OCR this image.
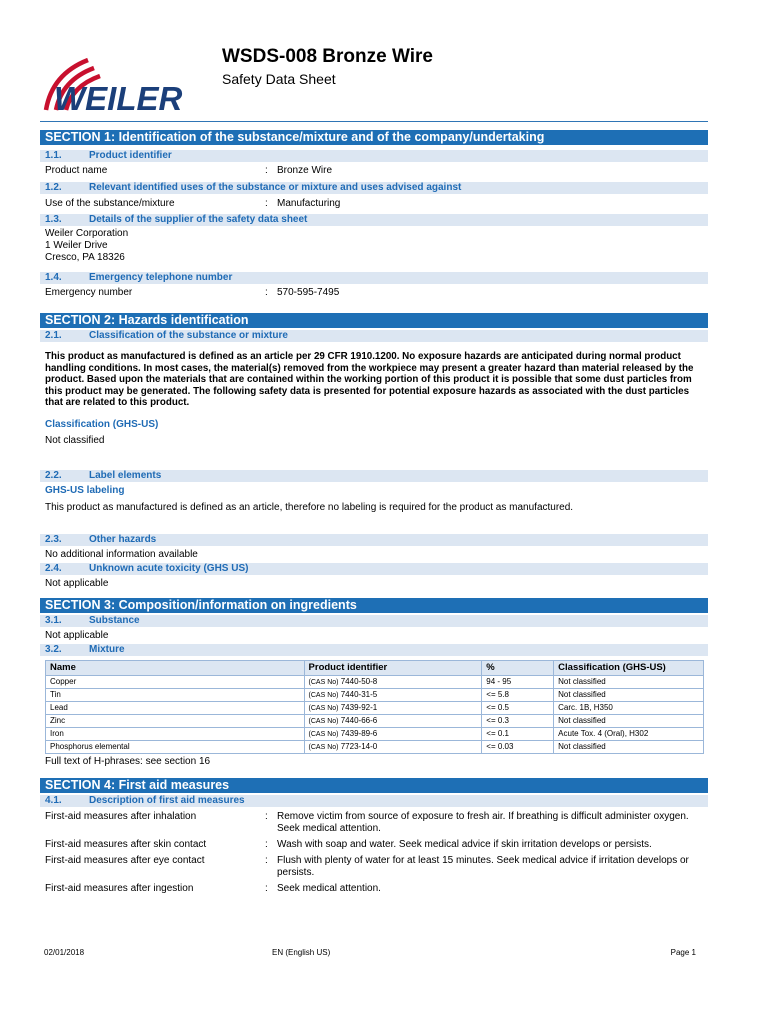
WEILER
WSDS-008 Bronze Wire
Safety Data Sheet
SECTION 1: Identification of the substance/mixture and of the company/undertaking
1.1.	Product identifier
Product name	: Bronze Wire
1.2.	Relevant identified uses of the substance or mixture and uses advised against
Use of the substance/mixture	: Manufacturing
1.3.	Details of the supplier of the safety data sheet
Weiler Corporation
1 Weiler Drive
Cresco, PA 18326
1.4.	Emergency telephone number
Emergency number	: 570-595-7495
SECTION 2: Hazards identification
2.1.	Classification of the substance or mixture
This product as manufactured is defined as an article per 29 CFR 1910.1200. No exposure hazards are anticipated during normal product
handling conditions. In most cases, the material(s) removed from the workpiece may present a greater hazard than material released by the
product. Based upon the materials that are contained within the working portion of this product it is possible that some dust particles from
this product may be generated. The following safety data is presented for potential exposure hazards as associated with the dust particles
that are related to this product.
Classification (GHS-US)
Not classified
2.2.	Label elements
GHS-US labeling
This product as manufactured is defined as an article, therefore no labeling is required for the product as manufactured.
2.3.	Other hazards
No additional information available
2.4.	Unknown acute toxicity (GHS US)
Not applicable
SECTION 3: Composition/information on ingredients
3.1.	Substance
Not applicable
3.2.	Mixture
Name	Product identifier	%	Classification (GHS-US)
Copper	(CAS No) 7440-50-8	94 - 95	Not classified
Tin	(CAS No) 7440-31-5	<= 5.8	Not classified
Lead	(CAS No) 7439-92-1	<= 0.5	Carc. 1B, H350
Zinc	(CAS No) 7440-66-6	<= 0.3	Not classified
Iron	(CAS No) 7439-89-6	<= 0.1	Acute Tox. 4 (Oral), H302
Phosphorus elemental	(CAS No) 7723-14-0	<= 0.03	Not classified
Full text of H-phrases: see section 16
SECTION 4: First aid measures
4.1.	Description of first aid measures
First-aid measures after inhalation	: Remove victim from source of exposure to fresh air. If breathing is difficult administer oxygen.
Seek medical attention.
First-aid measures after skin contact	: Wash with soap and water. Seek medical advice if skin irritation develops or persists.
First-aid measures after eye contact	: Flush with plenty of water for at least 15 minutes. Seek medical advice if irritation develops or
persists.
First-aid measures after ingestion	: Seek medical attention.
02/01/2018	EN (English US)	Page 1
